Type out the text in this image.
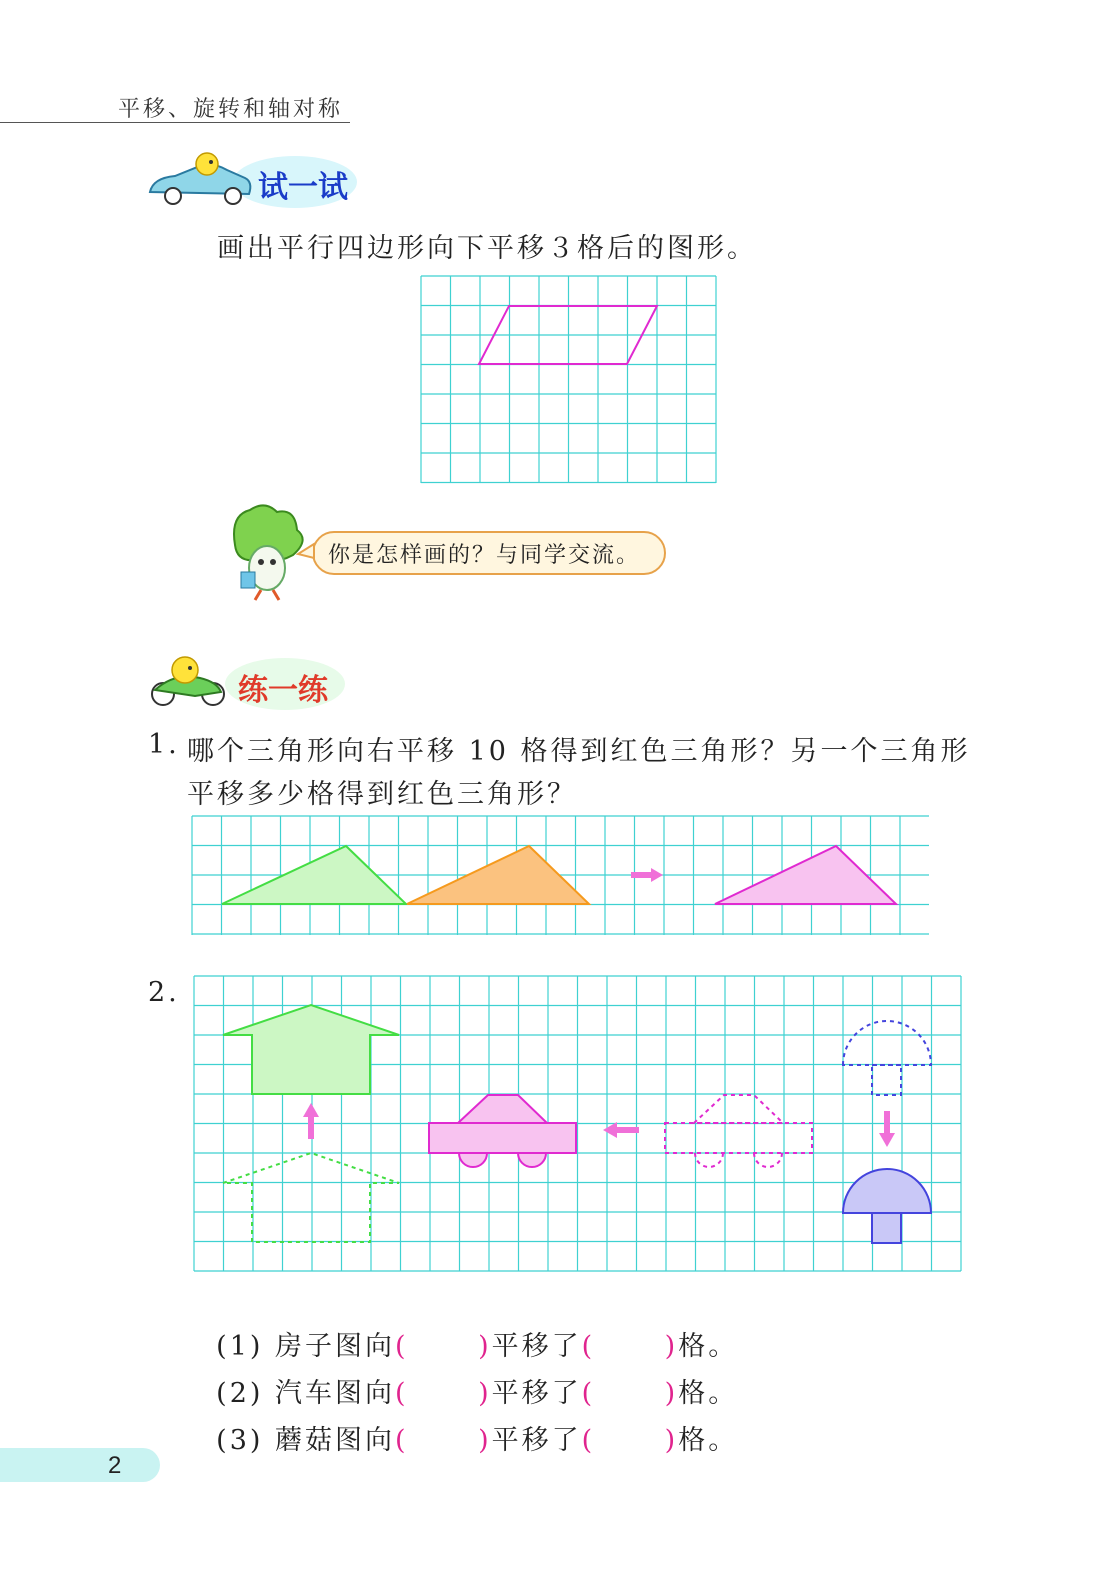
平移、旋转和轴对称
试一试
画出平行四边形向下平移３格后的图形。
你是怎样画的？与同学交流。
练一练
1. 哪个三角形向右平移 10 格得到红色三角形？另一个三角形
平移多少格得到红色三角形？
2.

(1) 房子图向(	)平移了(	)格。

(2) 汽车图向(	)平移了(	)格。

(3) 蘑菇图向(	)平移了(	)格。

2
